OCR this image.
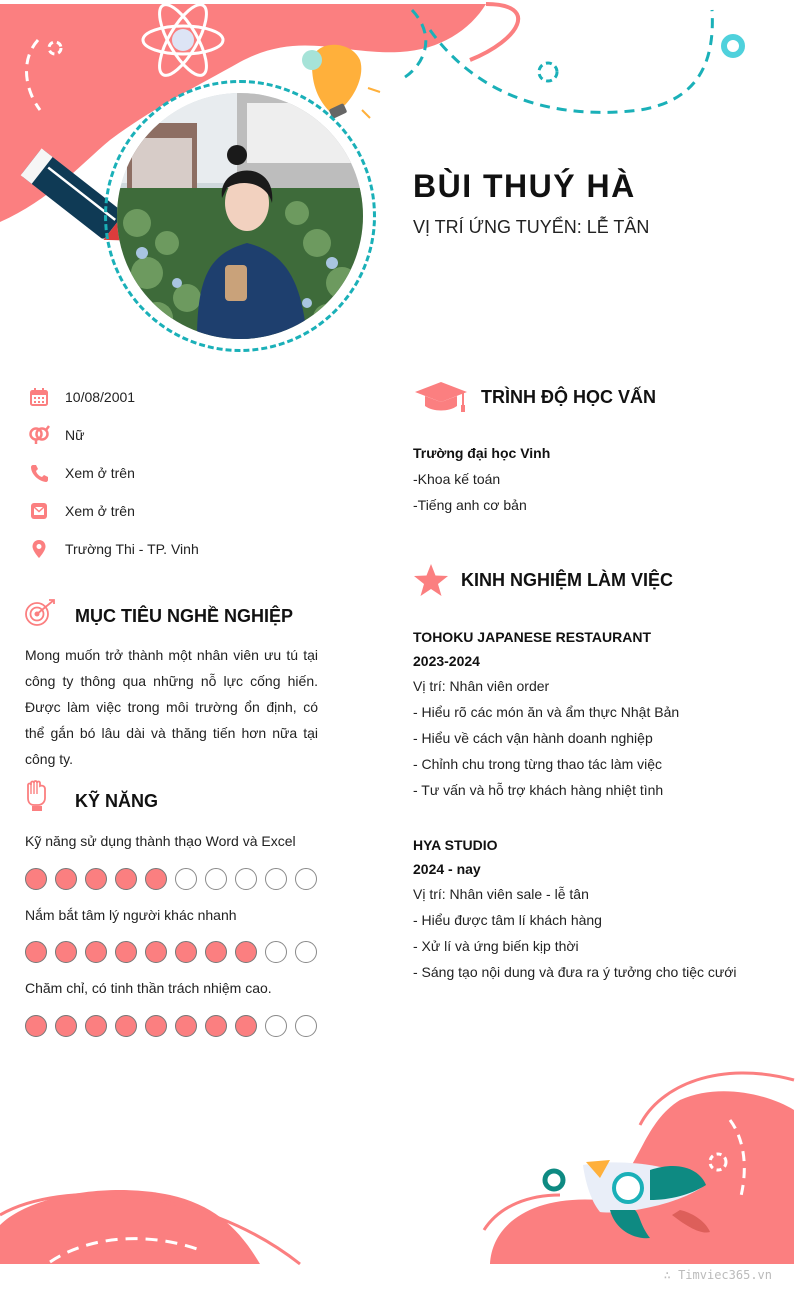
BÙI THUÝ HÀ
VỊ TRÍ ỨNG TUYỂN: LỄ TÂN
10/08/2001
Nữ
Xem ở trên
Xem ở trên
Trường Thi - TP. Vinh
MỤC TIÊU NGHỀ NGHIỆP
Mong muốn trở thành một nhân viên ưu tú tại công ty thông qua những nỗ lực cống hiến. Được làm việc trong môi trường ổn định, có thể gắn bó lâu dài và thăng tiến hơn nữa tại công ty.
KỸ NĂNG
Kỹ năng sử dụng thành thạo Word và Excel
Nắm bắt tâm lý người khác nhanh
Chăm chỉ, có tinh thần trách nhiệm cao.
TRÌNH ĐỘ HỌC VẤN
Trường đại học Vinh
-Khoa kế toán
-Tiếng anh cơ bản
KINH NGHIỆM LÀM VIỆC
TOHOKU JAPANESE RESTAURANT
2023-2024
Vị trí: Nhân viên order
- Hiểu rõ các món ăn và ẩm thực Nhật Bản
- Hiểu về cách vận hành doanh nghiệp
- Chỉnh chu trong từng thao tác làm việc
- Tư vấn và hỗ trợ khách hàng nhiệt tình
HYA STUDIO
2024 - nay
Vị trí: Nhân viên sale - lễ tân
- Hiểu được tâm lí khách hàng
- Xử lí và ứng biến kịp thời
- Sáng tạo nội dung và đưa ra ý tưởng cho tiệc cưới
∴ Timviec365.vn
